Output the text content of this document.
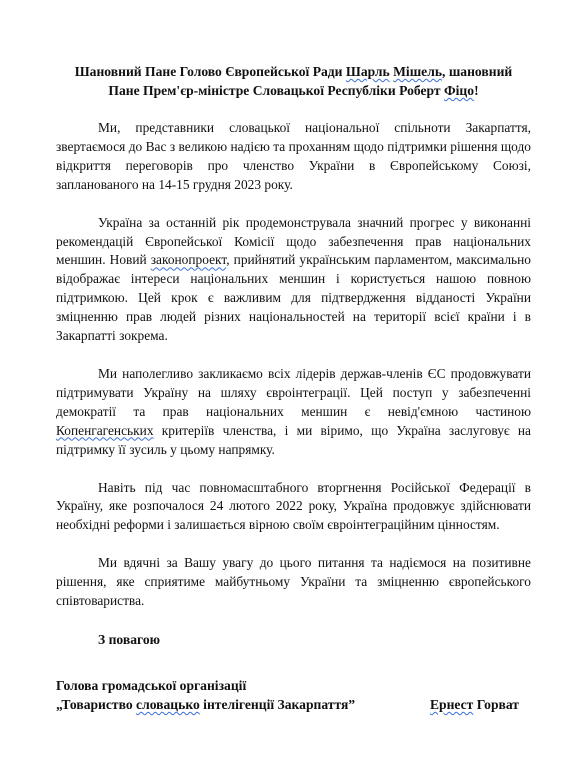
Шановний Пане Голово Європейської Ради Шарль Мішель, шановний
Пане Прем'єр-міністре Словацької Республіки Роберт Фіцо!

Ми, представники словацької національної спільноти Закарпаття, звертаємося до Вас з великою надією та проханням щодо підтримки рішення щодо відкриття переговорів про членство України в Європейському Союзі, запланованого на 14-15 грудня 2023 року.

Україна за останній рік продемонструвала значний прогрес у виконанні рекомендацій Європейської Комісії щодо забезпечення прав національних меншин. Новий законопроект, прийнятий українським парламентом, максимально відображає інтереси національних меншин і користується нашою повною підтримкою. Цей крок є важливим для підтвердження відданості України зміцненню прав людей різних національностей на території всієї країни і в Закарпатті зокрема.

Ми наполегливо закликаємо всіх лідерів держав-членів ЄС продовжувати підтримувати Україну на шляху євроінтеграції. Цей поступ у забезпеченні демократії та прав національних меншин є невід'ємною частиною Копенгагенських критеріїв членства, і ми віримо, що Україна заслуговує на підтримку її зусиль у цьому напрямку.

Навіть під час повномасштабного вторгнення Російської Федерації в Україну, яке розпочалося 24 лютого 2022 року, Україна продовжує здійснювати необхідні реформи і залишається вірною своїм євроінтеграційним цінностям.

Ми вдячні за Вашу увагу до цього питання та надіємося на позитивне рішення, яке сприятиме майбутньому України та зміцненню європейського співтовариства.

З повагою
Голова громадської організації
„Товариство словацько інтелігенції Закарпаття”	Ернест Горват
